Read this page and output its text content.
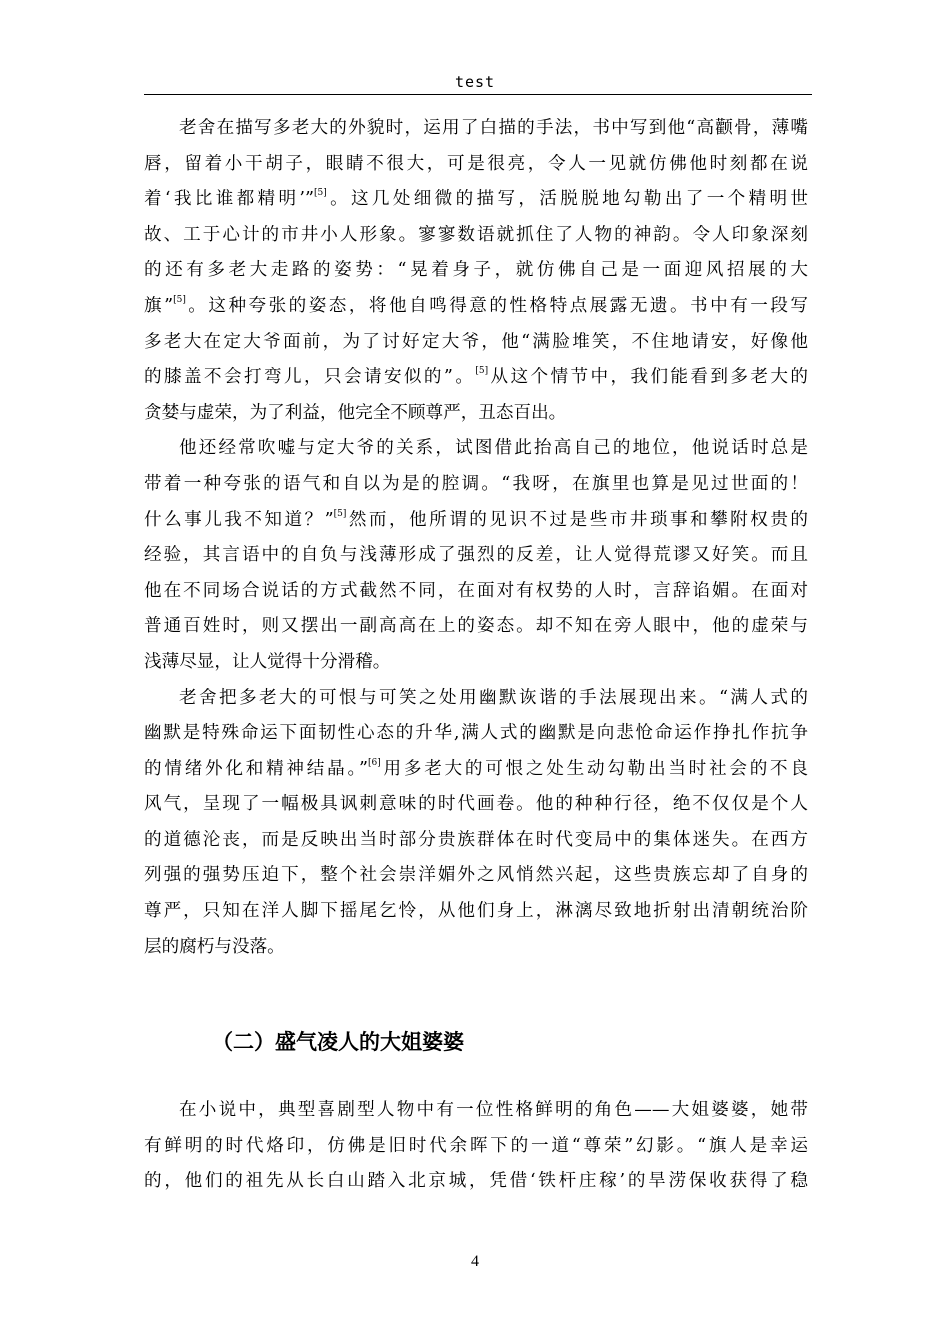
test
老舍在描写多老大的外貌时，运用了白描的手法，书中写到他“高颧骨，薄嘴
唇，留着小干胡子，眼睛不很大，可是很亮，令人一见就仿佛他时刻都在说
着‘我比谁都精明’”[5]。这几处细微的描写，活脱脱地勾勒出了一个精明世
故、工于心计的市井小人形象。寥寥数语就抓住了人物的神韵。令人印象深刻
的还有多老大走路的姿势：“晃着身子，就仿佛自己是一面迎风招展的大
旗”[5]。这种夸张的姿态，将他自鸣得意的性格特点展露无遗。书中有一段写
多老大在定大爷面前，为了讨好定大爷，他“满脸堆笑，不住地请安，好像他
的膝盖不会打弯儿，只会请安似的”。[5]从这个情节中，我们能看到多老大的
贪婪与虚荣，为了利益，他完全不顾尊严，丑态百出。
他还经常吹嘘与定大爷的关系，试图借此抬高自己的地位，他说话时总是
带着一种夸张的语气和自以为是的腔调。“我呀，在旗里也算是见过世面的！
什么事儿我不知道？”[5]然而，他所谓的见识不过是些市井琐事和攀附权贵的
经验，其言语中的自负与浅薄形成了强烈的反差，让人觉得荒谬又好笑。而且
他在不同场合说话的方式截然不同，在面对有权势的人时，言辞谄媚。在面对
普通百姓时，则又摆出一副高高在上的姿态。却不知在旁人眼中，他的虚荣与
浅薄尽显，让人觉得十分滑稽。
老舍把多老大的可恨与可笑之处用幽默诙谐的手法展现出来。“满人式的
幽默是特殊命运下面韧性心态的升华,满人式的幽默是向悲怆命运作挣扎作抗争
的情绪外化和精神结晶。”[6]用多老大的可恨之处生动勾勒出当时社会的不良
风气，呈现了一幅极具讽刺意味的时代画卷。他的种种行径，绝不仅仅是个人
的道德沦丧，而是反映出当时部分贵族群体在时代变局中的集体迷失。在西方
列强的强势压迫下，整个社会崇洋媚外之风悄然兴起，这些贵族忘却了自身的
尊严，只知在洋人脚下摇尾乞怜，从他们身上，淋漓尽致地折射出清朝统治阶
层的腐朽与没落。
（二）盛气凌人的大姐婆婆
在小说中，典型喜剧型人物中有一位性格鲜明的角色——大姐婆婆，她带
有鲜明的时代烙印，仿佛是旧时代余晖下的一道“尊荣”幻影。“旗人是幸运
的，他们的祖先从长白山踏入北京城，凭借‘铁杆庄稼’的旱涝保收获得了稳
4
